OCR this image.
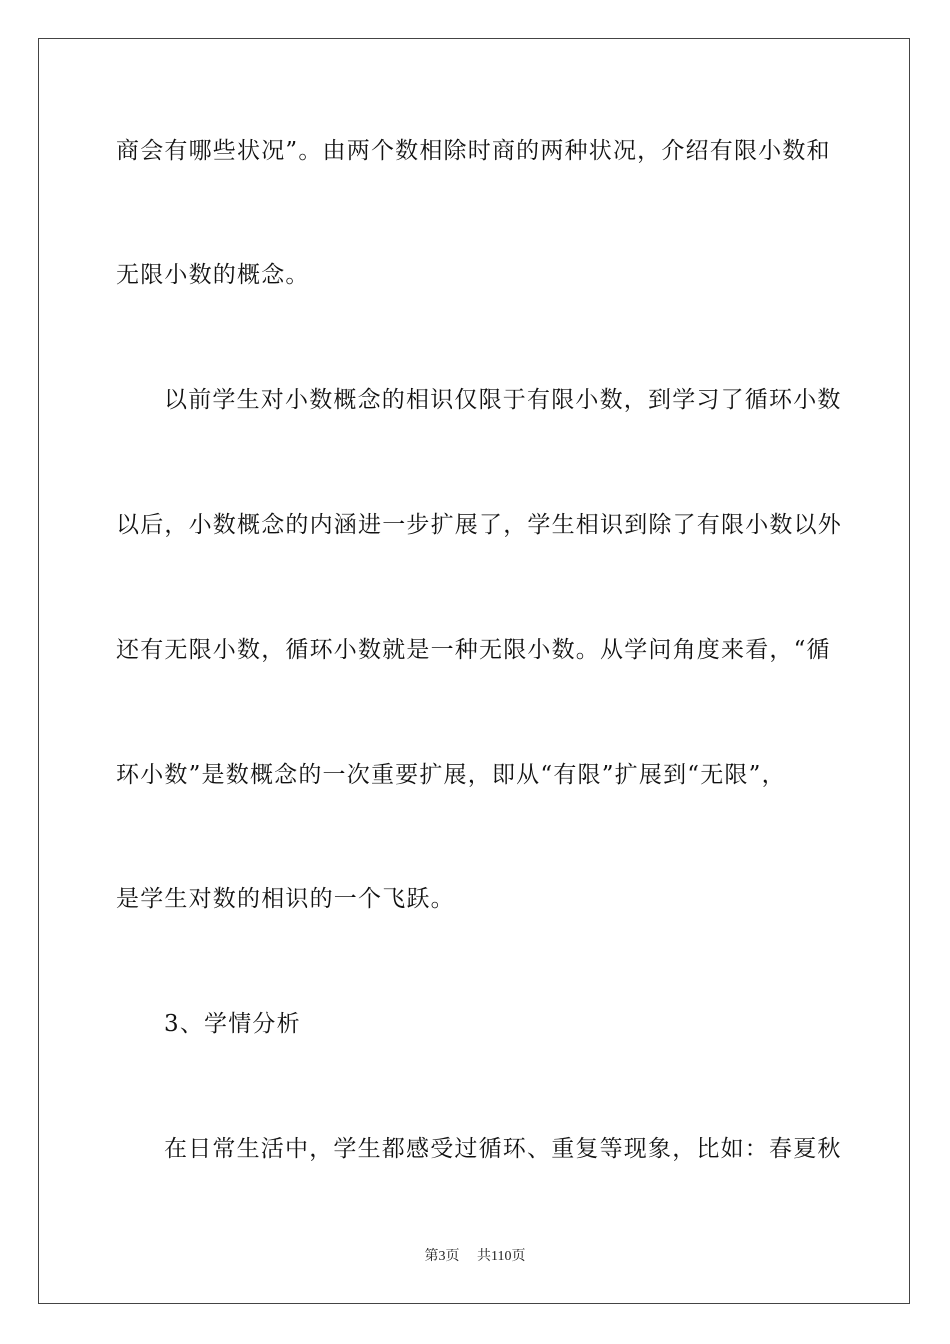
商会有哪些状况”。由两个数相除时商的两种状况，介绍有限小数和
无限小数的概念。
以前学生对小数概念的相识仅限于有限小数，到学习了循环小数
以后，小数概念的内涵进一步扩展了，学生相识到除了有限小数以外
还有无限小数，循环小数就是一种无限小数。从学问角度来看，“循
环小数”是数概念的一次重要扩展，即从“有限”扩展到“无限”，
是学生对数的相识的一个飞跃。
3、学情分析
在日常生活中，学生都感受过循环、重复等现象，比如：春夏秋
第3页 共110页
